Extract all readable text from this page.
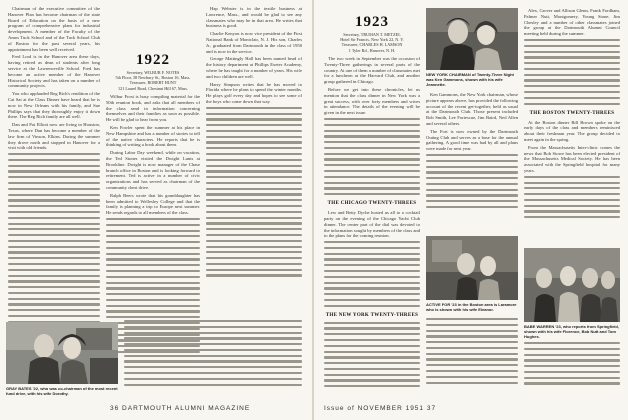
Chairman of the executive committee of the Hanover Plan has become chairman of the state Board of Education on the basis of a new program of comprehensive plans for industrial development. A member of the Faculty of the Amos Tuck School and of the Tuck School Club of Boston for the past several years, his appointment has been well received.

Fred Lord is in the Hanover area these days, having retired as dean of students after long service at the Lawrenceville School. Fred has become an active member of the Hanover Historical Society and has taken on a number of community projects.

You who applauded Reg Rich's rendition of the Cat Sat at the Class Dinner have heard that he is now in New Orleans with his family, and Sue Phillips says that they thoroughly enjoy it down there. The Reg Rich family are all well.

Dan and Pat Elliott now are living in Houston, Texas, where Dan has become a member of the law firm of Vinson, Elkins. During the summer they drove north and stopped in Hanover for a visit with old friends.

1922
Secretary, WILBUR F. NOTES
5th Floor, 38 Newbury St., Boston 16, Mass.
Treasurer, ROBERT HUNT
121 Laurel Road, Chestnut Hill 67, Mass.

Wilbur Frost is busy compiling material for the 50th reunion book, and asks that all members of the class send in information concerning themselves and their families as soon as possible. He will be glad to hear from you.

Ken Fowler spent the summer at his place in New Hampshire and has a number of stories to tell of the native characters. He reports that he is thinking of writing a book about them.

During Labor Day weekend, while on vacation, the Ted Stones visited the Dwight Lunts at Brookline. Dwight is now manager of the Chase branch office in Boston and is looking forward to retirement. Ted is active in a number of civic organizations and has served as chairman of the community chest drive.

Ralph Beers wrote that his granddaughter has been admitted to Wellesley College and that the family is planning a trip to Europe next summer. He sends regards to all members of the class.

Hap Webster is in the textile business at Lawrence, Mass., and would be glad to see any classmates who may be in that area. He writes that business is good.

Charlie Kenyon is now vice president of the First National Bank of Montclair, N. J. His son, Charles Jr., graduated from Dartmouth in the class of 1950 and is now in the service.

George Mattingly Hall has been named head of the history department at Phillips Exeter Academy, where he has taught for a number of years. His wife and two children are well.

Harry Simpson writes that he has moved to Florida where he plans to spend the winter months. He plays golf every day and hopes to see some of the boys who come down that way.

GRAY BATES '22, who was co-chairman of the most recent fund drive, with his wife Dorothy.
36 DARTMOUTH ALUMNI MAGAZINE
1923
Secretary, TRUMAN T. METZEL
Hotel Sir Francis, New York 22, N. Y.
Treasurer, CHARLES H. LAMSON
1 Tyler Rd., Hanover, N. H.

The two week in September was the occasion of Twenty-Three gatherings in several parts of the country. At one of them a number of classmates met for a luncheon at the Harvard Club, and another group gathered in Chicago.

Before we get into these chronicles, let us mention that the class dinner in New York was a great success, with over forty members and wives in attendance. The details of the evening will be given in the next issue.

THE CHICAGO TWENTY-THREES

Lew and Betty Dyche hosted us all to a cocktail party on the evening of the Chicago Yacht Club dinner. The center part of the dial was devoted to the information sought by members of the class and to the plans for the coming reunion.

THE NEW YORK TWENTY-THREES
NEW YORK CHAIRMAN of Twenty-Three Night was Ken Gammons, shown with his wife Jeannette.

Ken Gammons, the New York chairman, whose picture appears above, has provided the following account of the recent get-together, held as usual at the Dartmouth Club. Those present included Bob Smith, Lee Fortescue, Jim Baird, Ned Allen and several others.

The Fort is now owned by the Dartmouth Outing Club and serves as a base for the annual gathering. A good time was had by all and plans were made for next year.

ACTIVE FOR '23 in the Boston area is Laramore who is shown with his wife Eleanor.

Alex, Grover and Allison Glenn, Frank Fordham, Palmer Nutt, Montgomery, Young Stone, Jim Chesley and a number of other classmates joined the group at the Dartmouth Alumni Council meeting held during the summer.

THE BOSTON TWENTY-THREES

At the Boston dinner Bill Brown spoke on the early days of the class and members reminisced about their freshman year. The group decided to meet again in the spring.

From the Massachusetts Inter-clinic comes the news that Bob Stowe has been elected president of the Massachusetts Medical Society. He has been associated with the Springfield hospital for many years.

BABE WARREN '23, who reports from Springfield, shown with his wife Florence, Bob Nutt and Tom Hughes.
Issue of NOVEMBER 1951 37
